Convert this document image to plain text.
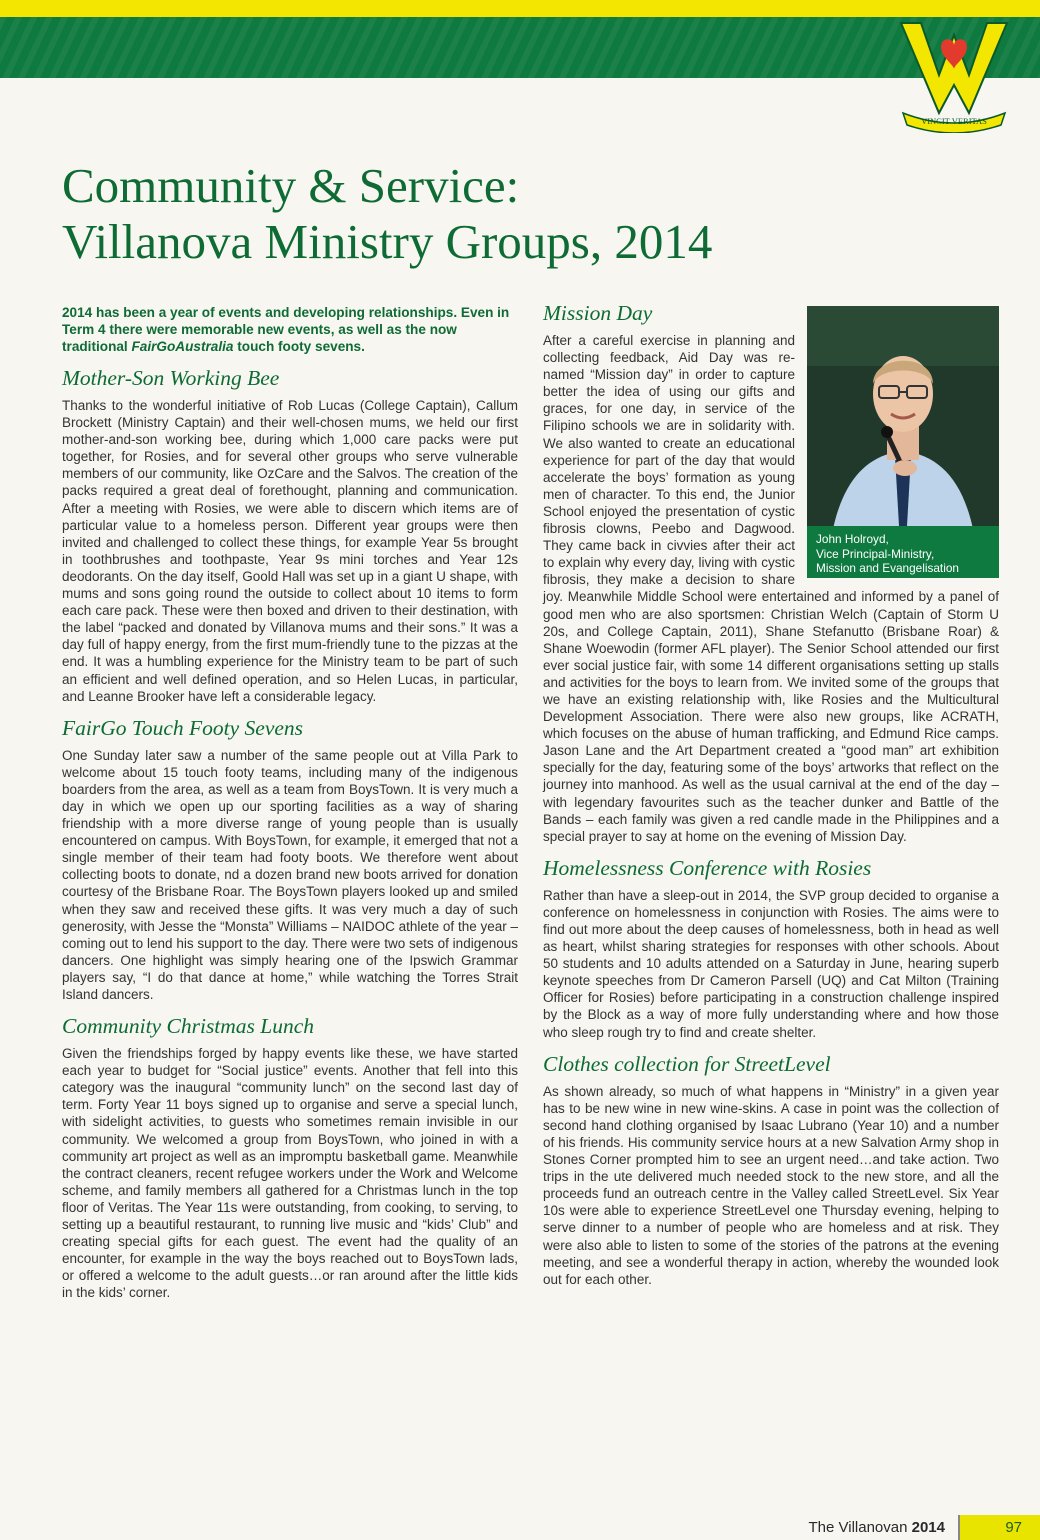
VINCIT VERITAS
Community & Service:
Villanova Ministry Groups, 2014

2014 has been a year of events and developing relationships. Even in Term 4 there were memorable new events, as well as the now traditional FairGoAustralia touch footy sevens.

Mother-Son Working Bee

Thanks to the wonderful initiative of Rob Lucas (College Captain), Callum Brockett (Ministry Captain) and their well-chosen mums, we held our first mother-and-son working bee, during which 1,000 care packs were put together, for Rosies, and for several other groups who serve vulnerable members of our community, like OzCare and the Salvos. The creation of the packs required a great deal of forethought, planning and communication. After a meeting with Rosies, we were able to discern which items are of particular value to a homeless person. Different year groups were then invited and challenged to collect these things, for example Year 5s brought in toothbrushes and toothpaste, Year 9s mini torches and Year 12s deodorants. On the day itself, Goold Hall was set up in a giant U shape, with mums and sons going round the outside to collect about 10 items to form each care pack. These were then boxed and driven to their destination, with the label “packed and donated by Villanova mums and their sons.” It was a day full of happy energy, from the first mum-friendly tune to the pizzas at the end. It was a humbling experience for the Ministry team to be part of such an efficient and well defined operation, and so Helen Lucas, in particular, and Leanne Brooker have left a considerable legacy.

FairGo Touch Footy Sevens

One Sunday later saw a number of the same people out at Villa Park to welcome about 15 touch footy teams, including many of the indigenous boarders from the area, as well as a team from BoysTown. It is very much a day in which we open up our sporting facilities as a way of sharing friendship with a more diverse range of young people than is usually encountered on campus. With BoysTown, for example, it emerged that not a single member of their team had footy boots. We therefore went about collecting boots to donate, nd a dozen brand new boots arrived for donation courtesy of the Brisbane Roar. The BoysTown players looked up and smiled when they saw and received these gifts. It was very much a day of such generosity, with Jesse the “Monsta” Williams – NAIDOC athlete of the year – coming out to lend his support to the day. There were two sets of indigenous dancers. One highlight was simply hearing one of the Ipswich Grammar players say, “I do that dance at home,” while watching the Torres Strait Island dancers.

Community Christmas Lunch

Given the friendships forged by happy events like these, we have started each year to budget for “Social justice” events. Another that fell into this category was the inaugural “community lunch” on the second last day of term. Forty Year 11 boys signed up to organise and serve a special lunch, with sidelight activities, to guests who sometimes remain invisible in our community. We welcomed a group from BoysTown, who joined in with a community art project as well as an impromptu basketball game. Meanwhile the contract cleaners, recent refugee workers under the Work and Welcome scheme, and family members all gathered for a Christmas lunch in the top floor of Veritas. The Year 11s were outstanding, from cooking, to serving, to setting up a beautiful restaurant, to running live music and “kids’ Club” and creating special gifts for each guest. The event had the quality of an encounter, for example in the way the boys reached out to BoysTown lads, or offered a welcome to the adult guests…or ran around after the little kids in the kids’ corner.

John Holroyd,
Vice Principal-Ministry,
Mission and Evangelisation
Mission Day

After a careful exercise in planning and collecting feedback, Aid Day was re-named “Mission day” in order to capture better the idea of using our gifts and graces, for one day, in service of the Filipino schools we are in solidarity with. We also wanted to create an educational experience for part of the day that would accelerate the boys’ formation as young men of character. To this end, the Junior School enjoyed the presentation of cystic fibrosis clowns, Peebo and Dagwood. They came back in civvies after their act to explain why every day, living with cystic fibrosis, they make a decision to share joy. Meanwhile Middle School were entertained and informed by a panel of good men who are also sportsmen: Christian Welch (Captain of Storm U 20s, and College Captain, 2011), Shane Stefanutto (Brisbane Roar) & Shane Woewodin (former AFL player). The Senior School attended our first ever social justice fair, with some 14 different organisations setting up stalls and activities for the boys to learn from. We invited some of the groups that we have an existing relationship with, like Rosies and the Multicultural Development Association. There were also new groups, like ACRATH, which focuses on the abuse of human trafficking, and Edmund Rice camps. Jason Lane and the Art Department created a “good man” art exhibition specially for the day, featuring some of the boys’ artworks that reflect on the journey into manhood. As well as the usual carnival at the end of the day – with legendary favourites such as the teacher dunker and Battle of the Bands – each family was given a red candle made in the Philippines and a special prayer to say at home on the evening of Mission Day.

Homelessness Conference with Rosies

Rather than have a sleep-out in 2014, the SVP group decided to organise a conference on homelessness in conjunction with Rosies. The aims were to find out more about the deep causes of homelessness, both in head as well as heart, whilst sharing strategies for responses with other schools. About 50 students and 10 adults attended on a Saturday in June, hearing superb keynote speeches from Dr Cameron Parsell (UQ) and Cat Milton (Training Officer for Rosies) before participating in a construction challenge inspired by the Block as a way of more fully understanding where and how those who sleep rough try to find and create shelter.

Clothes collection for StreetLevel

As shown already, so much of what happens in “Ministry” in a given year has to be new wine in new wine-skins. A case in point was the collection of second hand clothing organised by Isaac Lubrano (Year 10) and a number of his friends. His community service hours at a new Salvation Army shop in Stones Corner prompted him to see an urgent need…and take action. Two trips in the ute delivered much needed stock to the new store, and all the proceeds fund an outreach centre in the Valley called StreetLevel. Six Year 10s were able to experience StreetLevel one Thursday evening, helping to serve dinner to a number of people who are homeless and at risk. They were also able to listen to some of the stories of the patrons at the evening meeting, and see a wonderful therapy in action, whereby the wounded look out for each other.

The Villanovan 2014	97
